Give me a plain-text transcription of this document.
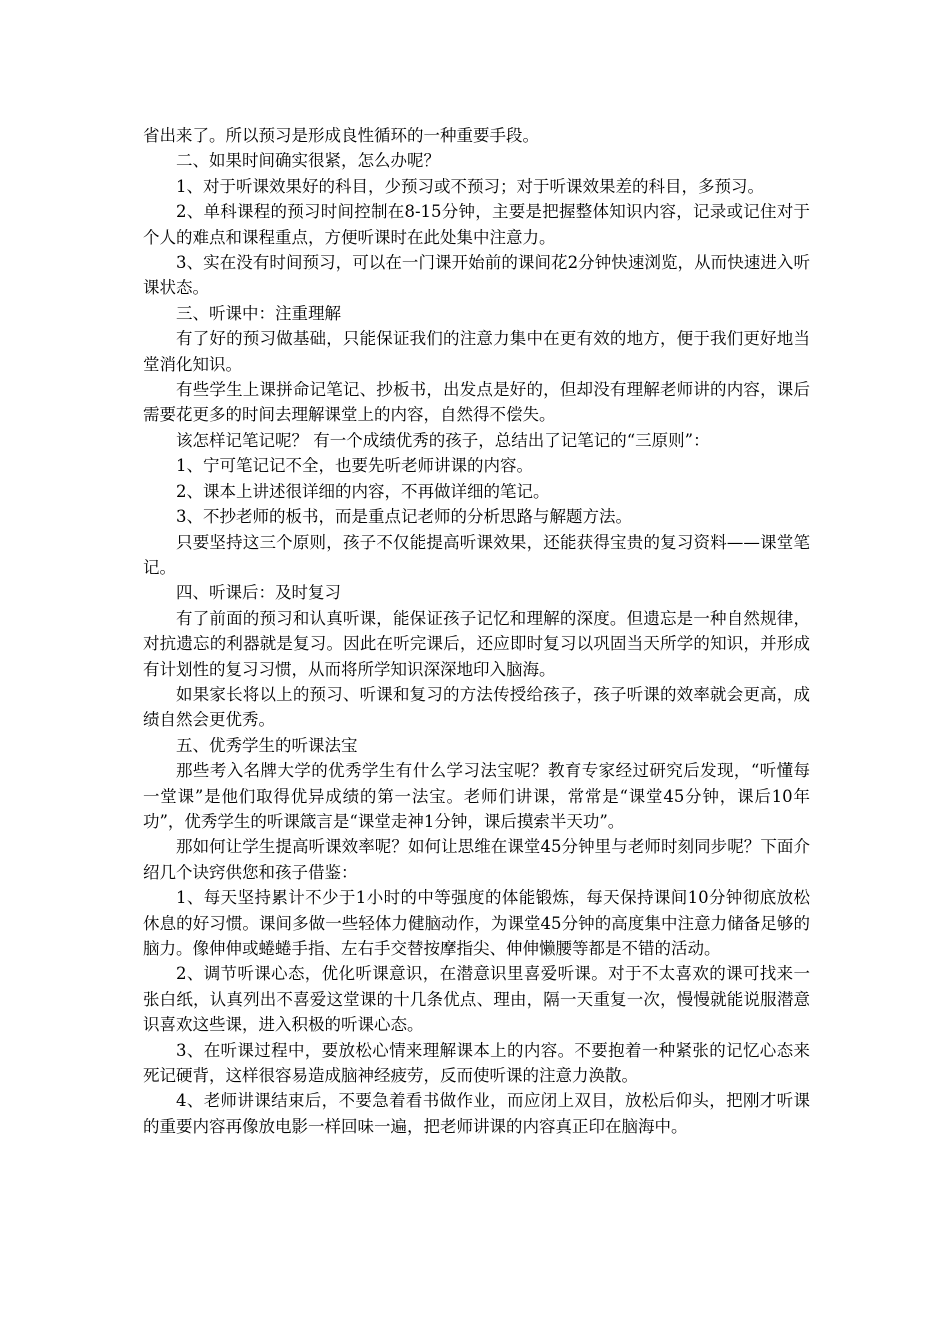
省出来了。所以预习是形成良性循环的一种重要手段。

二、如果时间确实很紧，怎么办呢？

1、对于听课效果好的科目，少预习或不预习；对于听课效果差的科目，多预习。

2、单科课程的预习时间控制在8-15分钟，主要是把握整体知识内容，记录或记住对于个人的难点和课程重点，方便听课时在此处集中注意力。

3、实在没有时间预习，可以在一门课开始前的课间花2分钟快速浏览，从而快速进入听课状态。

三、听课中：注重理解

有了好的预习做基础，只能保证我们的注意力集中在更有效的地方，便于我们更好地当堂消化知识。

有些学生上课拼命记笔记、抄板书，出发点是好的，但却没有理解老师讲的内容，课后需要花更多的时间去理解课堂上的内容，自然得不偿失。

该怎样记笔记呢？ 有一个成绩优秀的孩子，总结出了记笔记的“三原则”：

1、宁可笔记记不全，也要先听老师讲课的内容。

2、课本上讲述很详细的内容，不再做详细的笔记。

3、不抄老师的板书，而是重点记老师的分析思路与解题方法。

只要坚持这三个原则，孩子不仅能提高听课效果，还能获得宝贵的复习资料——课堂笔记。

四、听课后：及时复习

有了前面的预习和认真听课，能保证孩子记忆和理解的深度。但遗忘是一种自然规律，对抗遗忘的利器就是复习。因此在听完课后，还应即时复习以巩固当天所学的知识，并形成有计划性的复习习惯，从而将所学知识深深地印入脑海。

如果家长将以上的预习、听课和复习的方法传授给孩子，孩子听课的效率就会更高，成绩自然会更优秀。

五、优秀学生的听课法宝

那些考入名牌大学的优秀学生有什么学习法宝呢？教育专家经过研究后发现，“听懂每一堂课”是他们取得优异成绩的第一法宝。老师们讲课，常常是“课堂45分钟，课后10年功”，优秀学生的听课箴言是“课堂走神1分钟，课后摸索半天功”。

那如何让学生提高听课效率呢？如何让思维在课堂45分钟里与老师时刻同步呢？下面介绍几个诀窍供您和孩子借鉴：

1、每天坚持累计不少于1小时的中等强度的体能锻炼，每天保持课间10分钟彻底放松休息的好习惯。课间多做一些轻体力健脑动作，为课堂45分钟的高度集中注意力储备足够的脑力。像伸伸或蜷蜷手指、左右手交替按摩指尖、伸伸懒腰等都是不错的活动。

2、调节听课心态，优化听课意识，在潜意识里喜爱听课。对于不太喜欢的课可找来一张白纸，认真列出不喜爱这堂课的十几条优点、理由，隔一天重复一次，慢慢就能说服潜意识喜欢这些课，进入积极的听课心态。

3、在听课过程中，要放松心情来理解课本上的内容。不要抱着一种紧张的记忆心态来死记硬背，这样很容易造成脑神经疲劳，反而使听课的注意力涣散。

4、老师讲课结束后，不要急着看书做作业，而应闭上双目，放松后仰头，把刚才听课的重要内容再像放电影一样回味一遍，把老师讲课的内容真正印在脑海中。
